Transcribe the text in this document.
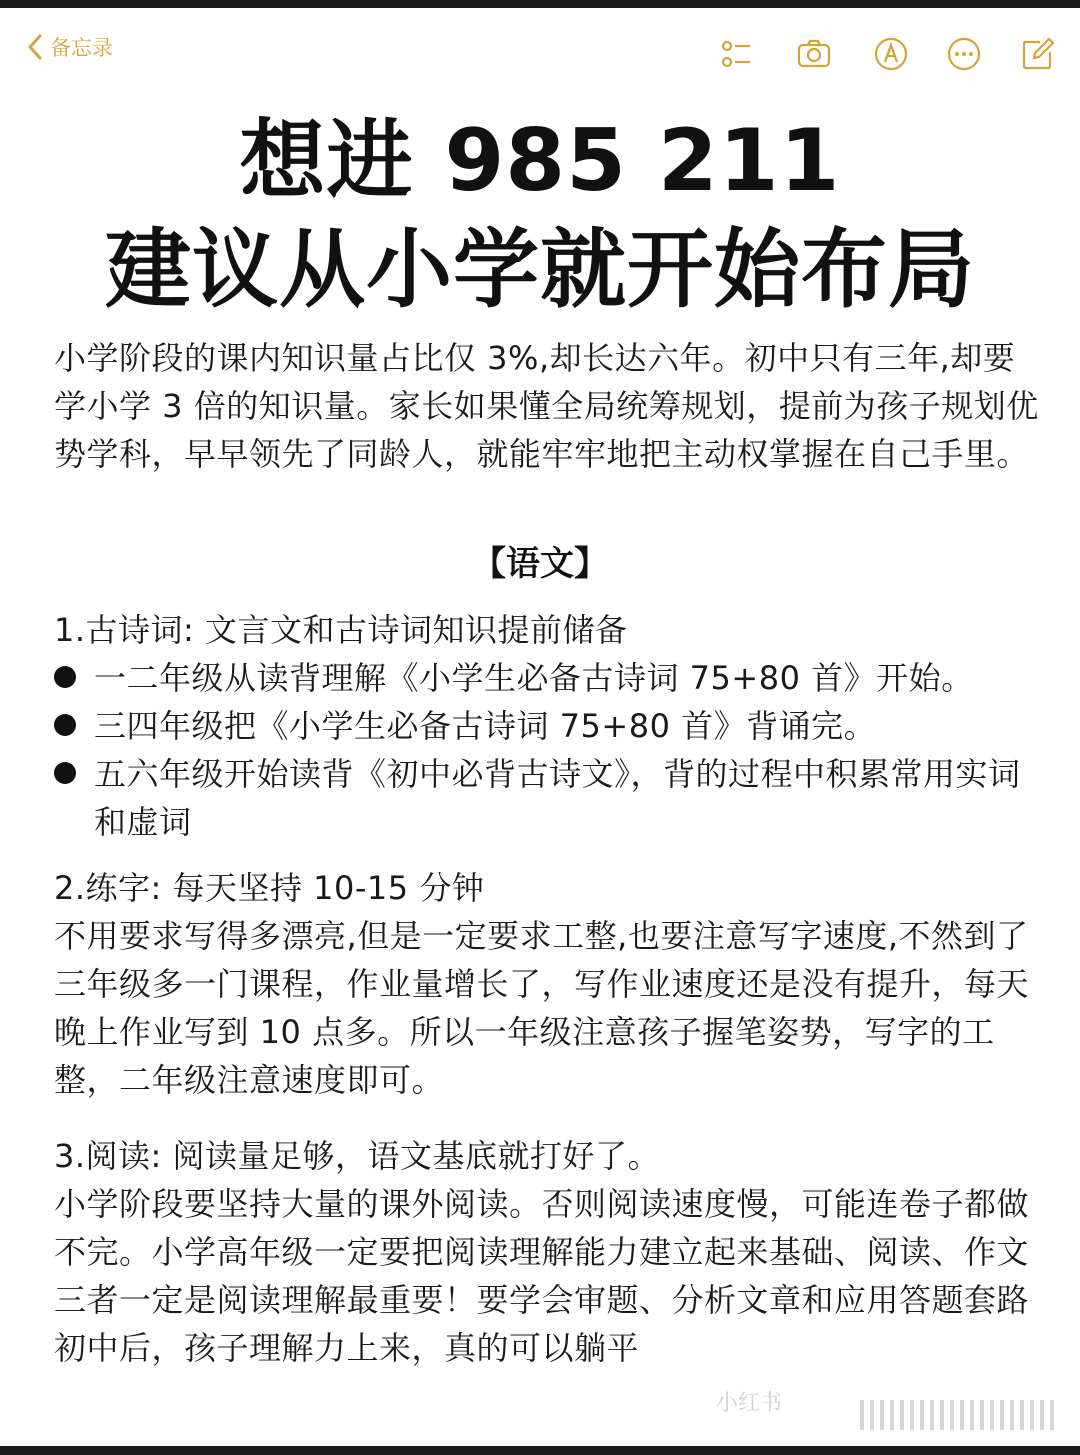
备忘录
想进 985 211
建议从小学就开始布局
小学阶段的课内知识量占比仅 3%,却长达六年。初中只有三年,却要学小学 3 倍的知识量。家长如果懂全局统筹规划，提前为孩子规划优势学科，早早领先了同龄人，就能牢牢地把主动权掌握在自己手里。
【语文】
1.古诗词: 文言文和古诗词知识提前储备
一二年级从读背理解《小学生必备古诗词 75+80 首》开始。
三四年级把《小学生必备古诗词 75+80 首》背诵完。
五六年级开始读背《初中必背古诗文》，背的过程中积累常用实词和虚词
2.练字: 每天坚持 10-15 分钟
不用要求写得多漂亮,但是一定要求工整,也要注意写字速度,不然到了三年级多一门课程，作业量增长了，写作业速度还是没有提升，每天晚上作业写到 10 点多。所以一年级注意孩子握笔姿势，写字的工整，二年级注意速度即可。
3.阅读: 阅读量足够，语文基底就打好了。
小学阶段要坚持大量的课外阅读。否则阅读速度慢，可能连卷子都做不完。小学高年级一定要把阅读理解能力建立起来基础、阅读、作文三者一定是阅读理解最重要！要学会审题、分析文章和应用答题套路初中后，孩子理解力上来，真的可以躺平
小红书
